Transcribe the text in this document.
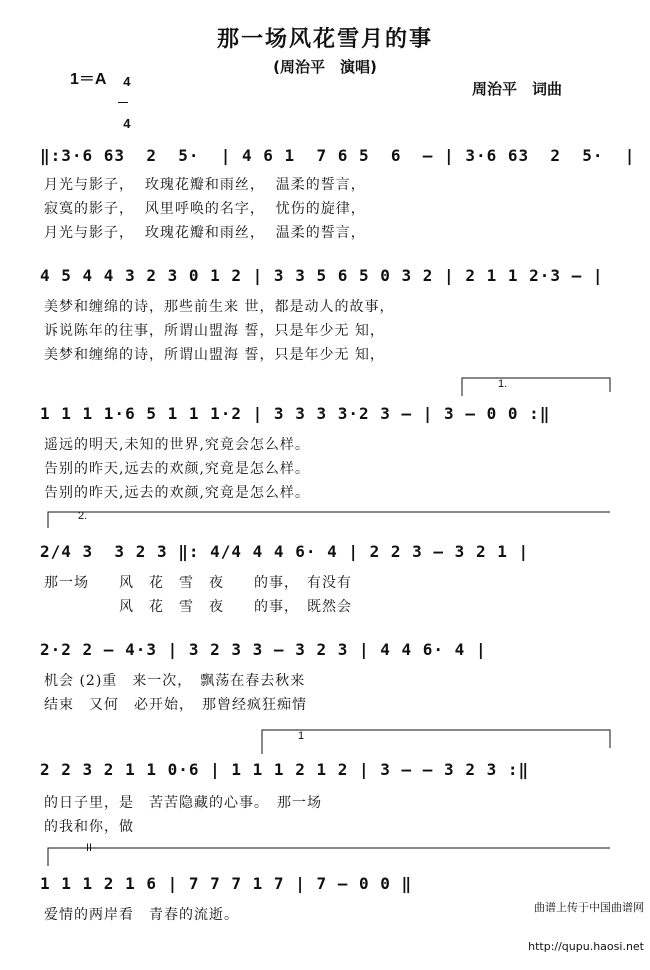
那一场风花雪月的事
(周治平　演唱)
1＝A	4

4

周治平　词曲
‖:3·6 63  2  5·  | 4 6 1  7 6 5  6  – | 3·6 63  2  5·  |
月光与影子，  玫瑰花瓣和雨丝，  温柔的誓言，
寂寞的影子，  风里呼唤的名字，  忧伤的旋律，
月光与影子，  玫瑰花瓣和雨丝，  温柔的誓言，
4 5 4 4 3 2 3 0 1 2 | 3 3 5 6 5 0 3 2 | 2 1 1 2·3 – |
美梦和缠绵的诗，那些前生来 世，都是动人的故事，
诉说陈年的往事，所谓山盟海 誓，只是年少无 知，
美梦和缠绵的诗，所谓山盟海 誓，只是年少无 知，
1.
1 1 1 1·6 5 1 1 1·2 | 3 3 3 3·2 3 – | 3 – 0 0 :‖
遥远的明天,未知的世界,究竟会怎么样。
告别的昨天,远去的欢颜,究竟是怎么样。
告别的昨天,远去的欢颜,究竟是怎么样。
2.
2/4 3  3 2 3 ‖: 4/4 4 4 6· 4 | 2 2 3 – 3 2 1 |
那一场　　风　花　雪　夜　　的事，　有没有
　　　　　风　花　雪　夜　　的事，　既然会
2·2 2 – 4·3 | 3 2 3 3 – 3 2 3 | 4 4 6· 4 |
机会 (2)重　来一次，　飘荡在春去秋来
结束　又何　必开始，　那曾经疯狂痴情
1
2 2 3 2 1 1 0·6 | 1 1 1 2 1 2 | 3 – – 3 2 3 :‖
的日子里，是　苦苦隐藏的心事。　那一场
的我和你，做
II
1 1 1 2 1 6 | 7 7 7 1 7 | 7 – 0 0 ‖
爱情的两岸看　青春的流逝。

	曲谱上传于中国曲谱网

http://qupu.haosi.net
